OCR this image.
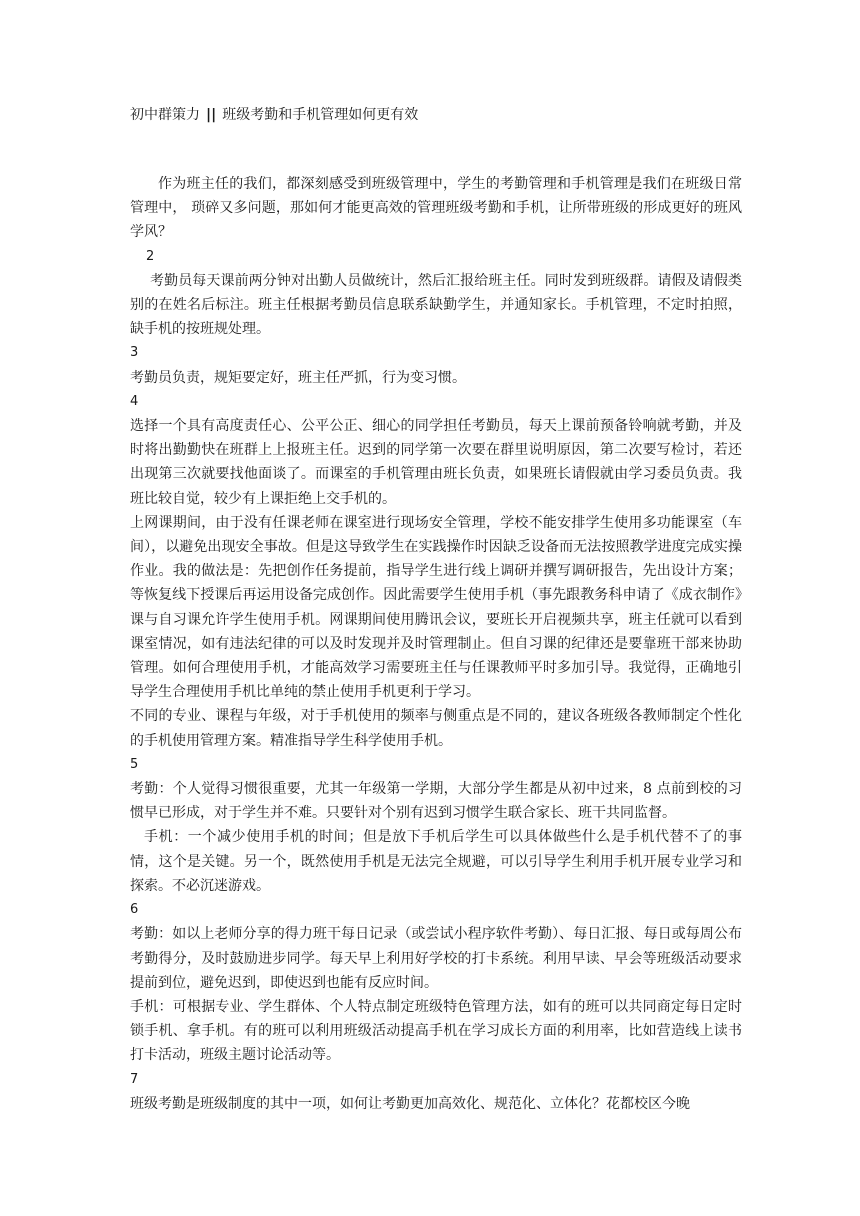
初中群策力 || 班级考勤和手机管理如何更有效

作为班主任的我们，都深刻感受到班级管理中，学生的考勤管理和手机管理是我们在班级日常管理中， 琐碎又多问题，那如何才能更高效的管理班级考勤和手机，让所带班级的形成更好的班风学风？

2

考勤员每天课前两分钟对出勤人员做统计，然后汇报给班主任。同时发到班级群。请假及请假类别的在姓名后标注。班主任根据考勤员信息联系缺勤学生，并通知家长。手机管理，不定时拍照，缺手机的按班规处理。

3

考勤员负责，规矩要定好，班主任严抓，行为变习惯。

4

选择一个具有高度责任心、公平公正、细心的同学担任考勤员，每天上课前预备铃响就考勤，并及时将出勤勤快在班群上上报班主任。迟到的同学第一次要在群里说明原因，第二次要写检讨，若还出现第三次就要找他面谈了。而课室的手机管理由班长负责，如果班长请假就由学习委员负责。我班比较自觉，较少有上课拒绝上交手机的。

上网课期间，由于没有任课老师在课室进行现场安全管理，学校不能安排学生使用多功能课室（车间），以避免出现安全事故。但是这导致学生在实践操作时因缺乏设备而无法按照教学进度完成实操作业。我的做法是：先把创作任务提前，指导学生进行线上调研并撰写调研报告，先出设计方案；等恢复线下授课后再运用设备完成创作。因此需要学生使用手机（事先跟教务科申请了《成衣制作》课与自习课允许学生使用手机。网课期间使用腾讯会议，要班长开启视频共享，班主任就可以看到课室情况，如有违法纪律的可以及时发现并及时管理制止。但自习课的纪律还是要靠班干部来协助管理。如何合理使用手机，才能高效学习需要班主任与任课教师平时多加引导。我觉得，正确地引导学生合理使用手机比单纯的禁止使用手机更利于学习。

不同的专业、课程与年级，对于手机使用的频率与侧重点是不同的，建议各班级各教师制定个性化的手机使用管理方案。精准指导学生科学使用手机。

5

考勤：个人觉得习惯很重要，尤其一年级第一学期，大部分学生都是从初中过来，8 点前到校的习惯早已形成，对于学生并不难。只要针对个别有迟到习惯学生联合家长、班干共同监督。

手机：一个减少使用手机的时间；但是放下手机后学生可以具体做些什么是手机代替不了的事情，这个是关键。另一个，既然使用手机是无法完全规避，可以引导学生利用手机开展专业学习和探索。不必沉迷游戏。

6

考勤：如以上老师分享的得力班干每日记录（或尝试小程序软件考勤）、每日汇报、每日或每周公布考勤得分，及时鼓励进步同学。每天早上利用好学校的打卡系统。利用早读、早会等班级活动要求提前到位，避免迟到，即使迟到也能有反应时间。

手机：可根据专业、学生群体、个人特点制定班级特色管理方法，如有的班可以共同商定每日定时锁手机、拿手机。有的班可以利用班级活动提高手机在学习成长方面的利用率，比如营造线上读书打卡活动，班级主题讨论活动等。

7

班级考勤是班级制度的其中一项，如何让考勤更加高效化、规范化、立体化？花都校区今晚
